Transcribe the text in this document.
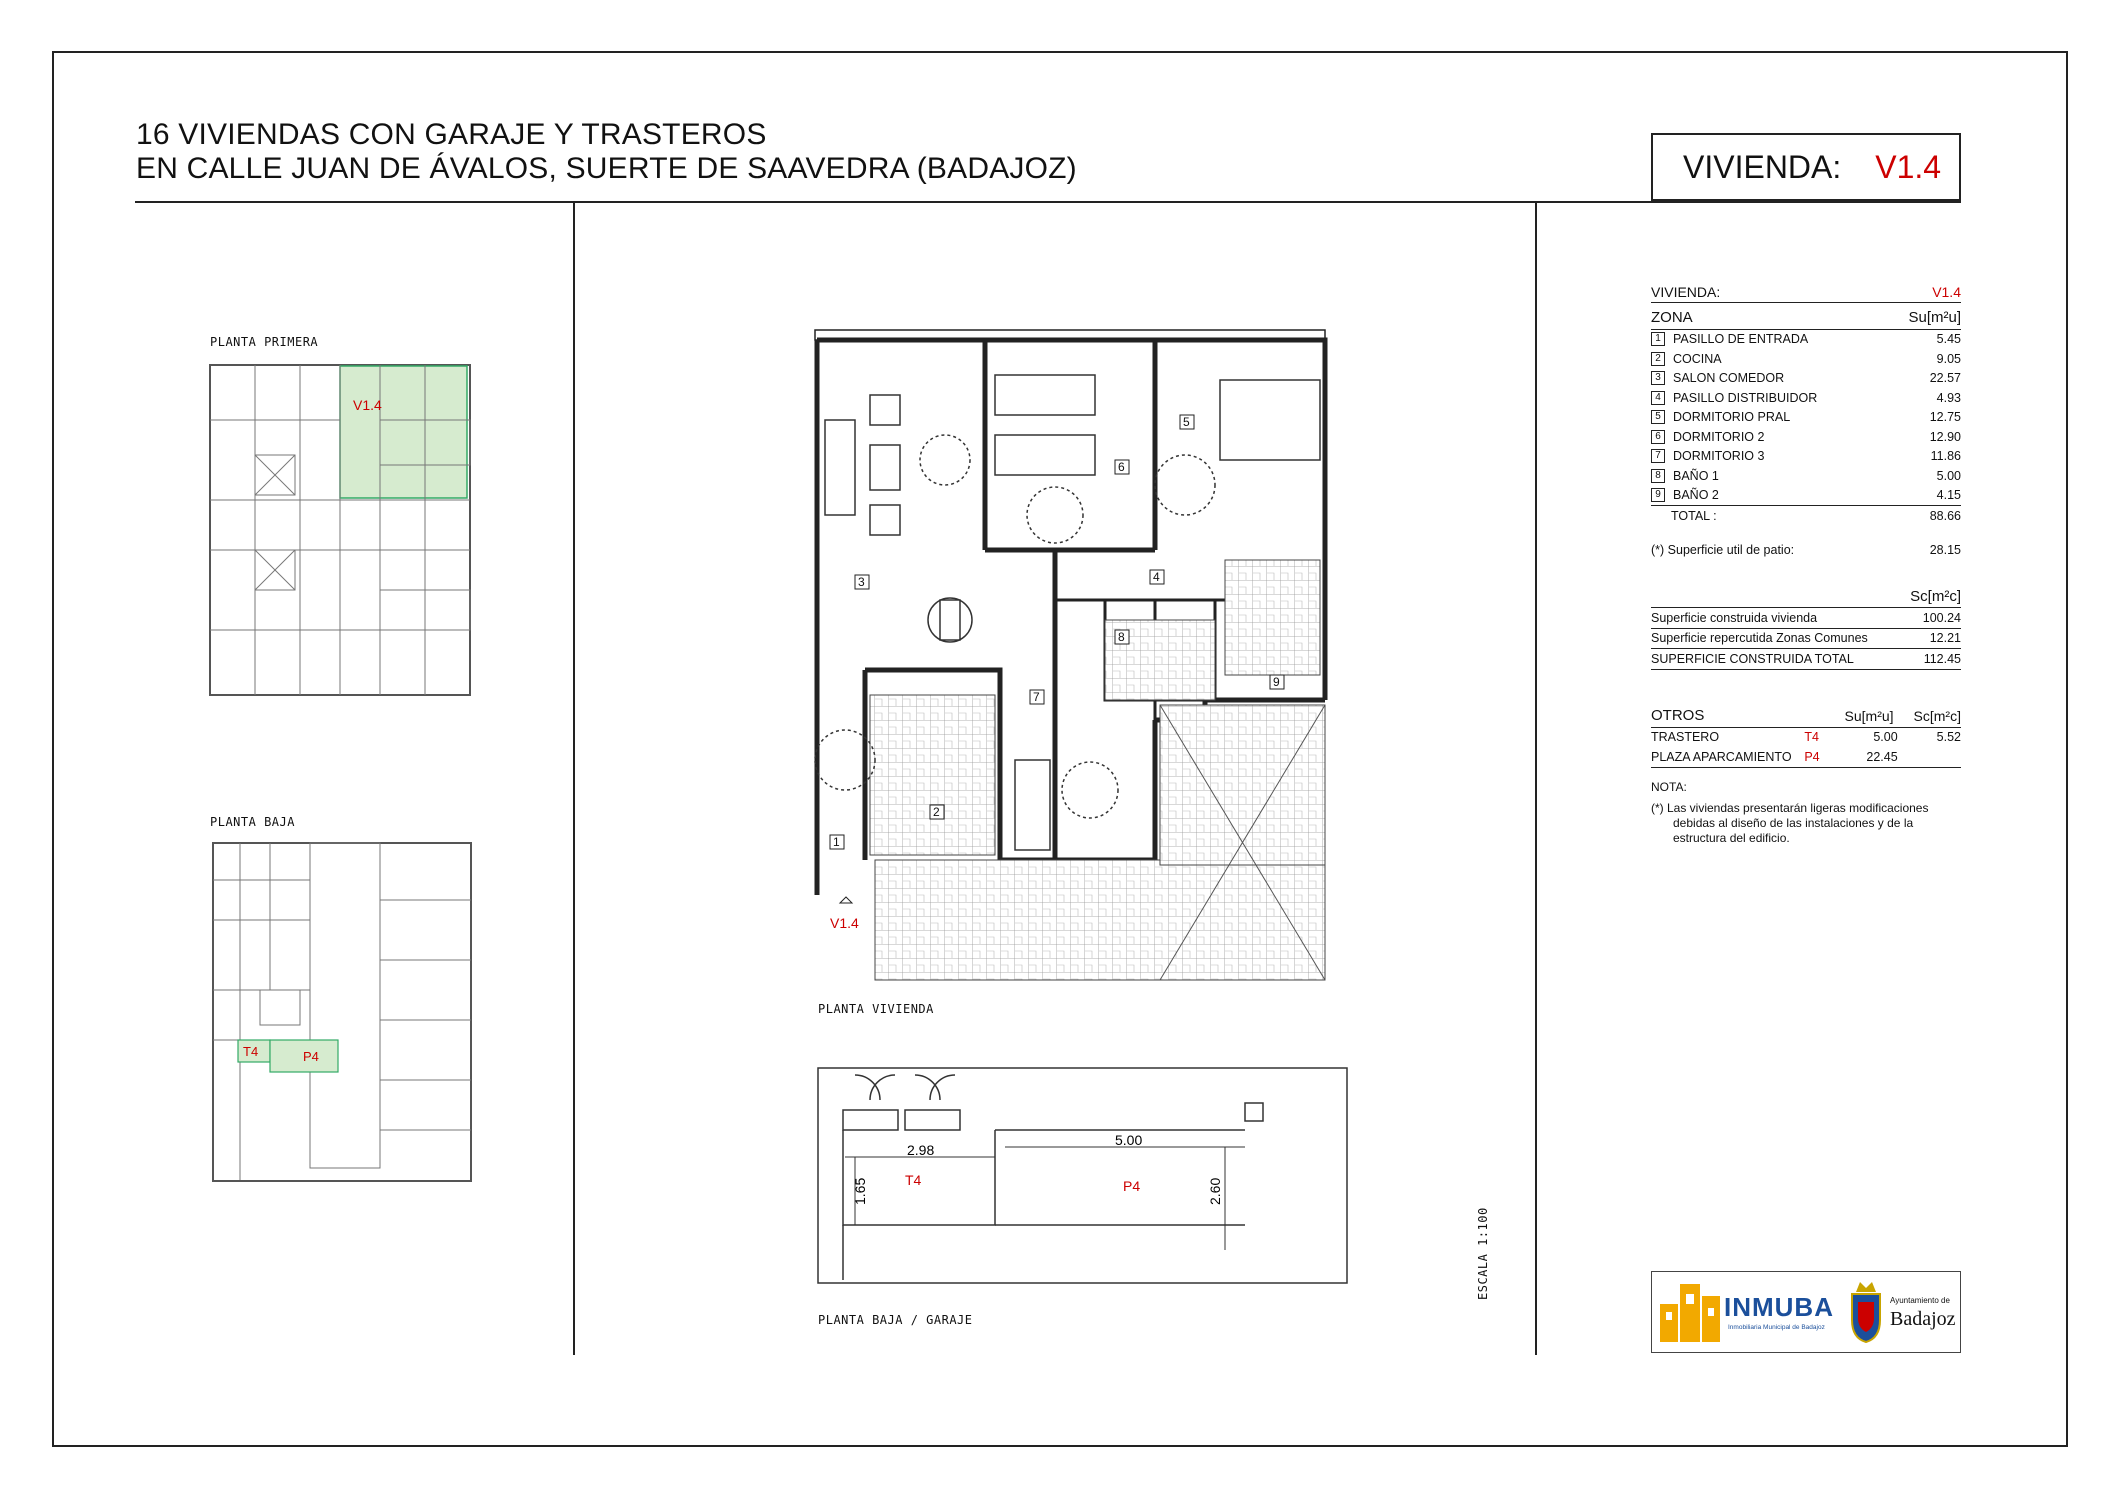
16 VIVIENDAS CON GARAJE Y TRASTEROS
EN CALLE JUAN DE ÁVALOS, SUERTE DE SAAVEDRA (BADAJOZ)	VIVIENDA: V1.4
PLANTA PRIMERA
V1.4
PLANTA BAJA
T4	P4
1
2
3	4
5
6
7
8
9
V1.4
PLANTA VIVIENDA
2.98
5.00
1.65	2.60
T4	P4
PLANTA BAJA / GARAJE
ESCALA 1:100
VIVIENDA:	V1.4
ZONA	Su[m²u]
1 PASILLO DE ENTRADA	5.45
2 COCINA	9.05
3 SALON COMEDOR	22.57
4 PASILLO DISTRIBUIDOR	4.93
5 DORMITORIO PRAL	12.75
6 DORMITORIO 2	12.90
7 DORMITORIO 3	11.86
8 BAÑO 1	5.00
9 BAÑO 2	4.15
TOTAL :	88.66
(*) Superficie util de patio:	28.15
Sc[m²c]
Superficie construida vivienda	100.24
Superficie repercutida Zonas Comunes	12.21
SUPERFICIE CONSTRUIDA TOTAL	112.45
OTROS	Su[m²u] Sc[m²c]
TRASTERO	T4	5.00	5.52
PLAZA APARCAMIENTO	P4	22.45
NOTA:
(*) Las viviendas presentarán ligeras modificaciones
debidas al diseño de las instalaciones y de la
estructura del edificio.
INMUBA
Inmobiliaria Municipal de Badajoz
Ayuntamiento de
Badajoz
